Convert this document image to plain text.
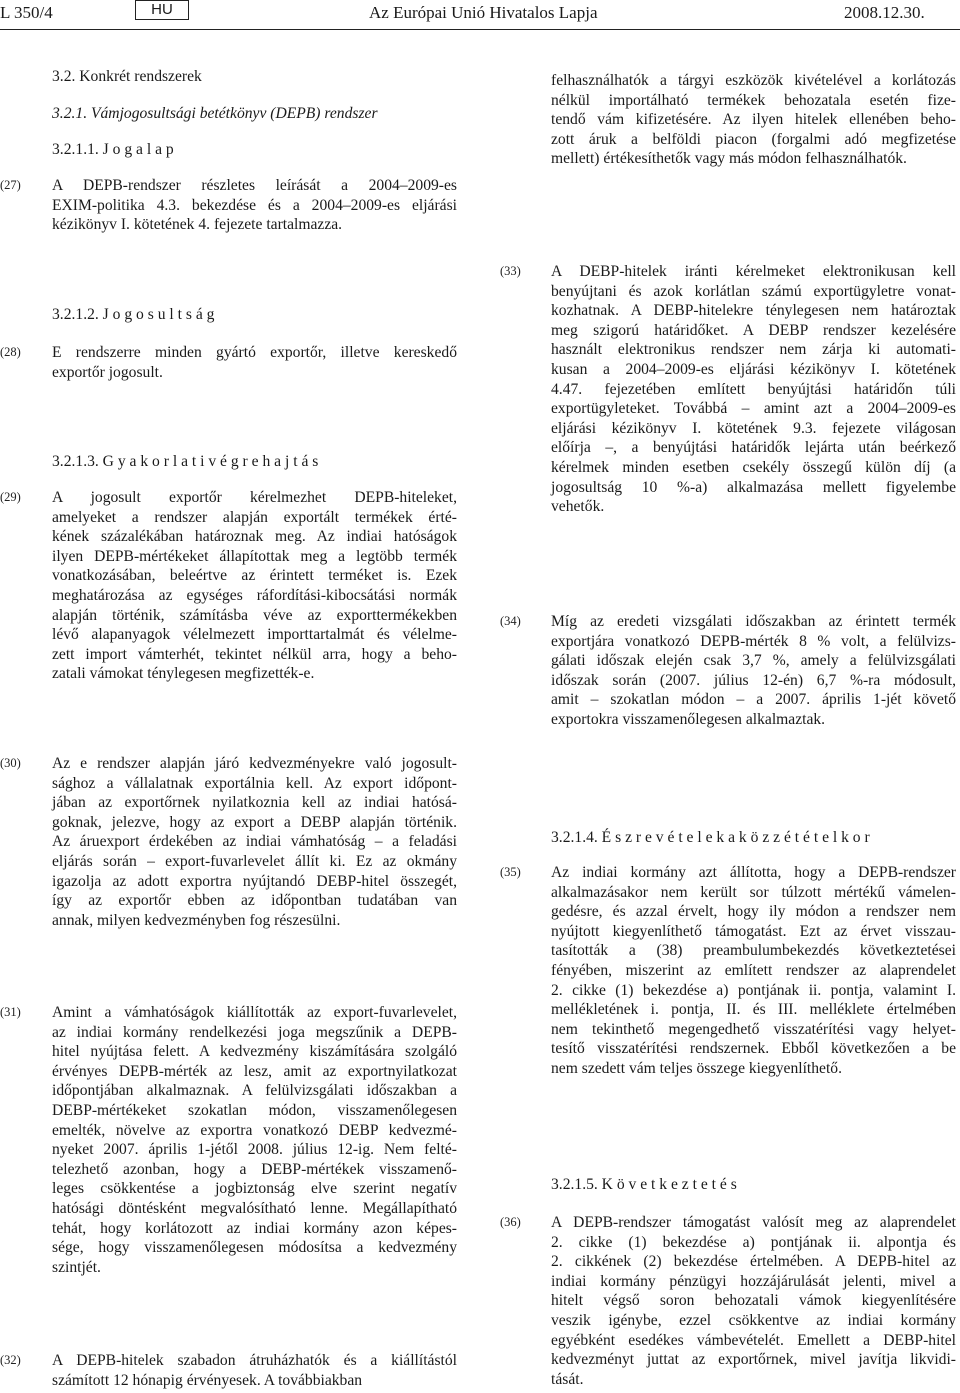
L 350/4	HU	Az Európai Unió Hivatalos Lapja	2008.12.30.
3.2. Konkrét rendszerek
3.2.1. Vámjogosultsági betétkönyv (DEPB) rendszer
3.2.1.1. J o g a l a p
(27) A DEPB-rendszer részletes leírását a 2004–2009-es
EXIM-politika 4.3. bekezdése és a 2004–2009-es eljárási
kézikönyv I. kötetének 4. fejezete tartalmazza.
3.2.1.2. J o g o s u l t s á g
(28) E rendszerre minden gyártó exportőr, illetve kereskedő
exportőr jogosult.
3.2.1.3. G y a k o r l a t i v é g r e h a j t á s
(29) A jogosult exportőr kérelmezhet DEPB-hiteleket,
amelyeket a rendszer alapján exportált termékek érté-
kének százalékában határoznak meg. Az indiai hatóságok
ilyen DEPB-mértékeket állapítottak meg a legtöbb termék
vonatkozásában, beleértve az érintett terméket is. Ezek
meghatározása az egységes ráfordítási-kibocsátási normák
alapján történik, számításba véve az exporttermékekben
lévő alapanyagok vélelmezett importtartalmát és vélelme-
zett import vámterhét, tekintet nélkül arra, hogy a beho-
zatali vámokat ténylegesen megfizették-e.
(30) Az e rendszer alapján járó kedvezményekre való jogosult-
sághoz a vállalatnak exportálnia kell. Az export időpont-
jában az exportőrnek nyilatkoznia kell az indiai hatósá-
goknak, jelezve, hogy az export a DEBP alapján történik.
Az áruexport érdekében az indiai vámhatóság – a feladási
eljárás során – export-fuvarlevelet állít ki. Ez az okmány
igazolja az adott exportra nyújtandó DEBP-hitel összegét,
így az exportőr ebben az időpontban tudatában van
annak, milyen kedvezményben fog részesülni.
(31) Amint a vámhatóságok kiállították az export-fuvarlevelet,
az indiai kormány rendelkezési joga megszűnik a DEPB-
hitel nyújtása felett. A kedvezmény kiszámítására szolgáló
érvényes DEPB-mérték az lesz, amit az exportnyilatkozat
időpontjában alkalmaznak. A felülvizsgálati időszakban a
DEBP-mértékeket szokatlan módon, visszamenőlegesen
emelték, növelve az exportra vonatkozó DEBP kedvezmé-
nyeket 2007. április 1-jétől 2008. július 12-ig. Nem felté-
telezhető azonban, hogy a DEBP-mértékek visszamenő-
leges csökkentése a jogbiztonság elve szerint negatív
hatósági döntésként megvalósítható lenne. Megállapítható
tehát, hogy korlátozott az indiai kormány azon képes-
sége, hogy visszamenőlegesen módosítsa a kedvezmény
szintjét.
(32) A DEPB-hitelek szabadon átruházhatók és a kiállítástól
számított 12 hónapig érvényesek. A továbbiakban
felhasználhatók a tárgyi eszközök kivételével a korlátozás
nélkül importálható termékek behozatala esetén fize-
tendő vám kifizetésére. Az ilyen hitelek ellenében beho-
zott áruk a belföldi piacon (forgalmi adó megfizetése
mellett) értékesíthetők vagy más módon felhasználhatók.
(33) A DEBP-hitelek iránti kérelmeket elektronikusan kell
benyújtani és azok korlátlan számú exportügyletre vonat-
kozhatnak. A DEBP-hitelekre ténylegesen nem határoztak
meg szigorú határidőket. A DEBP rendszer kezelésére
használt elektronikus rendszer nem zárja ki automati-
kusan a 2004–2009-es eljárási kézikönyv I. kötetének
4.47. fejezetében említett benyújtási határidőn túli
exportügyleteket. Továbbá – amint azt a 2004–2009-es
eljárási kézikönyv I. kötetének 9.3. fejezete világosan
előírja –, a benyújtási határidők lejárta után beérkező
kérelmek minden esetben csekély összegű külön díj (a
jogosultság 10 %-a) alkalmazása mellett figyelembe
vehetők.
(34) Míg az eredeti vizsgálati időszakban az érintett termék
exportjára vonatkozó DEPB-mérték 8 % volt, a felülvizs-
gálati időszak elején csak 3,7 %, amely a felülvizsgálati
időszak során (2007. július 12-én) 6,7 %-ra módosult,
amit – szokatlan módon – a 2007. április 1-jét követő
exportokra visszamenőlegesen alkalmaztak.
3.2.1.4. É s z r e v é t e l e k a k ö z z é t é t e l k o r
(35) Az indiai kormány azt állította, hogy a DEPB-rendszer
alkalmazásakor nem került sor túlzott mértékű vámelen-
gedésre, és azzal érvelt, hogy ily módon a rendszer nem
nyújtott kiegyenlíthető támogatást. Ezt az érvet visszau-
tasították a (38) preambulumbekezdés következtetései
fényében, miszerint az említett rendszer az alaprendelet
2. cikke (1) bekezdése a) pontjának ii. pontja, valamint I.
mellékletének i. pontja, II. és III. melléklete értelmében
nem tekinthető megengedhető visszatérítési vagy helyet-
tesítő visszatérítési rendszernek. Ebből következően a be
nem szedett vám teljes összege kiegyenlíthető.
3.2.1.5. K ö v e t k e z t e t é s
(36) A DEPB-rendszer támogatást valósít meg az alaprendelet
2. cikke (1) bekezdése a) pontjának ii. alpontja és
2. cikkének (2) bekezdése értelmében. A DEPB-hitel az
indiai kormány pénzügyi hozzájárulását jelenti, mivel a
hitelt végső soron behozatali vámok kiegyenlítésére
veszik igénybe, ezzel csökkentve az indiai kormány
egyébként esedékes vámbevételét. Emellett a DEBP-hitel
kedvezményt juttat az exportőrnek, mivel javítja likvidi-
tását.
